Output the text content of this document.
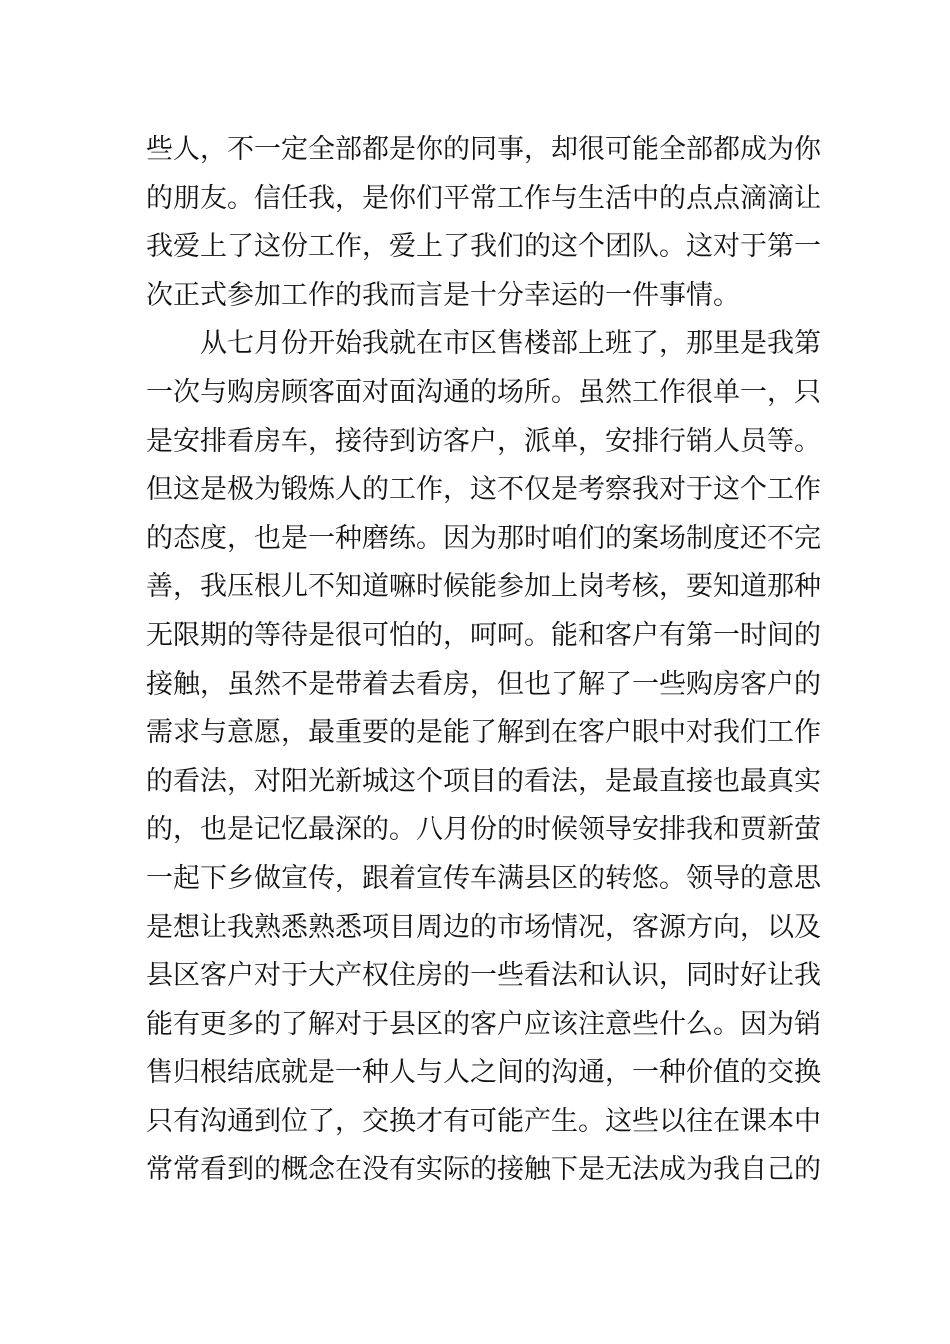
些人，不一定全部都是你的同事，却很可能全部都成为你
的朋友。信任我，是你们平常工作与生活中的点点滴滴让
我爱上了这份工作，爱上了我们的这个团队。这对于第一
次正式参加工作的我而言是十分幸运的一件事情。
从七月份开始我就在市区售楼部上班了，那里是我第
一次与购房顾客面对面沟通的场所。虽然工作很单一，只
是安排看房车，接待到访客户，派单，安排行销人员等。
但这是极为锻炼人的工作，这不仅是考察我对于这个工作
的态度，也是一种磨练。因为那时咱们的案场制度还不完
善，我压根儿不知道嘛时候能参加上岗考核，要知道那种
无限期的等待是很可怕的，呵呵。能和客户有第一时间的
接触，虽然不是带着去看房，但也了解了一些购房客户的
需求与意愿，最重要的是能了解到在客户眼中对我们工作
的看法，对阳光新城这个项目的看法，是最直接也最真实
的，也是记忆最深的。八月份的时候领导安排我和贾新萤
一起下乡做宣传，跟着宣传车满县区的转悠。领导的意思
是想让我熟悉熟悉项目周边的市场情况，客源方向，以及
县区客户对于大产权住房的一些看法和认识，同时好让我
能有更多的了解对于县区的客户应该注意些什么。因为销
售归根结底就是一种人与人之间的沟通，一种价值的交换
只有沟通到位了，交换才有可能产生。这些以往在课本中
常常看到的概念在没有实际的接触下是无法成为我自己的
